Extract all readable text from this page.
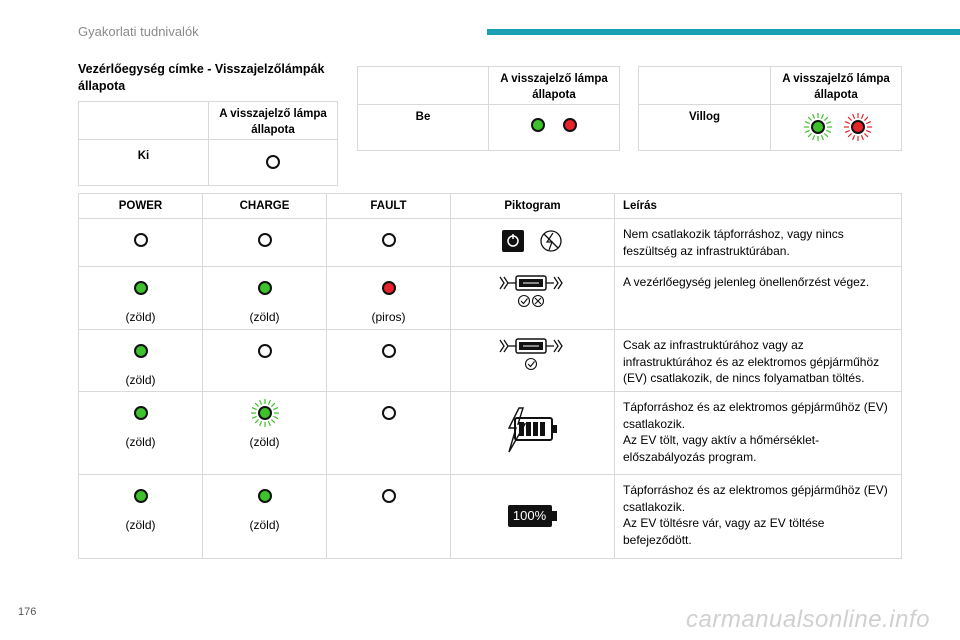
Gyakorlati tudnivalók
Vezérlőegység címke - Visszajelzőlámpák állapota
	A visszajelző lámpa állapota
Ki	
	A visszajelző lámpa állapota
Be	
	A visszajelző lámpa állapota
Villog	
POWER	CHARGE	FAULT	Piktogram	Leírás
				Nem csatlakozik tápforráshoz, vagy nincs feszültség az infrastruktúrában.

(zöld)	(zöld)	(piros)		A vezérlőegység jelenleg önellenőrzést végez.

(zöld)				Csak az infrastruktúrához vagy az infrastruktúrához és az elektromos gépjárműhöz (EV) csatlakozik, de nincs folyamatban töltés.

(zöld)	(zöld)			Tápforráshoz és az elektromos gépjárműhöz (EV) csatlakozik.
Az EV tölt, vagy aktív a hőmérséklet-előszabályozás program.

(zöld)	(zöld)		100%	Tápforráshoz és az elektromos gépjárműhöz (EV) csatlakozik.
Az EV töltésre vár, vagy az EV töltése befejeződött.
176	carmanualsonline.info
